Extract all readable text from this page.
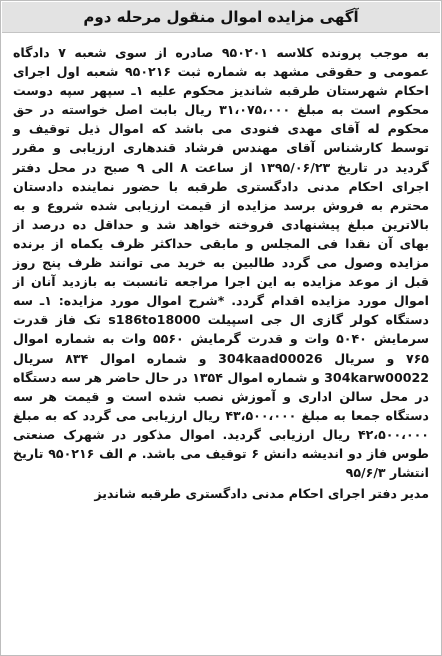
آگهی مزایده اموال منقول مرحله دوم
به موجب پرونده کلاسه ۹۵۰۲۰۱ صادره از سوی شعبه ۷ دادگاه عمومی و حقوقی مشهد به شماره ثبت ۹۵۰۲۱۶ شعبه اول اجرای احکام شهرستان طرقبه شاندیز محکوم علیه ۱ـ سپهر سپه دوست محکوم است به مبلغ ۳۱،۰۷۵،۰۰۰ ریال بابت اصل خواسته در حق محکوم له آقای مهدی فنودی می باشد که اموال ذیل توقیف و توسط کارشناس آقای مهندس فرشاد قندهاری ارزیابی و مقرر گردید در تاریخ ۱۳۹۵/۰۶/۲۳ از ساعت ۸ الی ۹ صبح در محل دفتر اجرای احکام مدنی دادگستری طرقبه با حضور نماینده دادستان محترم به فروش برسد مزایده از قیمت ارزیابی شده شروع و به بالاترین مبلغ پیشنهادی فروخته خواهد شد و حداقل ده درصد از بهای آن نقدا فی المجلس و مابقی حداکثر ظرف یکماه از برنده مزایده وصول می گردد طالبین به خرید می توانند ظرف پنج روز قبل از موعد مزایده به این اجرا مراجعه تانسبت به بازدید آنان از اموال مورد مزایده اقدام گردد. *شرح اموال مورد مزایده: ۱ـ سه دستگاه کولر گازی ال جی اسپیلت s186to18000 تک فاز قدرت سرمایش ۵۰۴۰ وات و قدرت گرمایش ۵۵۶۰ وات به شماره اموال ۷۶۵ و سریال 304kaad00026 و شماره اموال ۸۳۴ سریال 304karw00022 و شماره اموال ۱۳۵۴ در حال حاضر هر سه دستگاه در محل سالن اداری و آموزش نصب شده است و قیمت هر سه دستگاه جمعا به مبلغ ۴۳،۵۰۰،۰۰۰ ریال ارزیابی می گردد که به مبلغ ۴۲،۵۰۰،۰۰۰ ریال ارزیابی گردید. اموال مذکور در شهرک صنعتی طوس فاز دو اندیشه دانش ۶ توقیف می باشد. م الف ۹۵۰۲۱۶ تاریخ انتشار ۹۵/۶/۳
مدیر دفتر اجرای احکام مدنی دادگستری طرقبه شاندیز
